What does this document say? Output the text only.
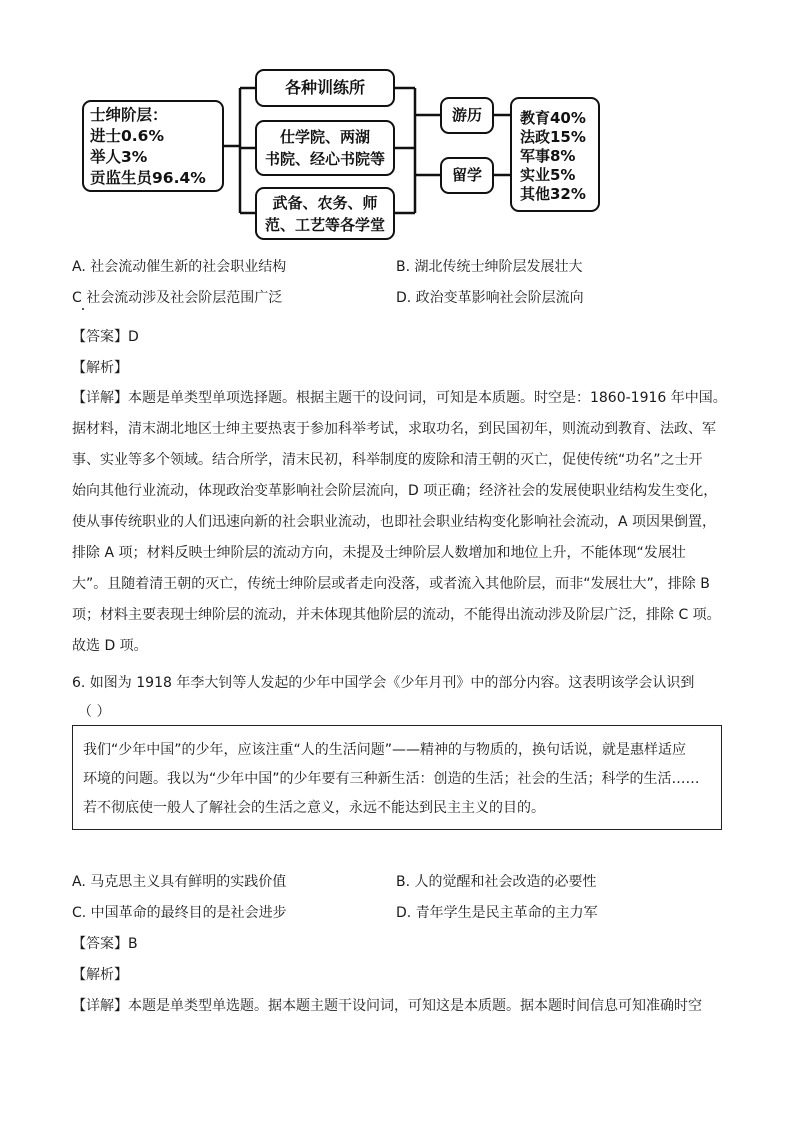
士绅阶层：
进士0.6%
举人3%
贡监生员96.4%
各种训练所
仕学院、两湖
书院、经心书院等
武备、农务、师
范、工艺等各学堂
游历
留学
教育40%
法政15%
军事8%
实业5%
其他32%
A. 社会流动催生新的社会职业结构	B. 湖北传统士绅阶层发展壮大
C 社会流动涉及社会阶层范围广泛	D. 政治变革影响社会阶层流向
【答案】D
【解析】
【详解】本题是单类型单项选择题。根据主题干的设问词，可知是本质题。时空是：1860-1916 年中国。
据材料，清末湖北地区士绅主要热衷于参加科举考试，求取功名，到民国初年，则流动到教育、法政、军
事、实业等多个领域。结合所学，清末民初，科举制度的废除和清王朝的灭亡，促使传统“功名”之士开
始向其他行业流动，体现政治变革影响社会阶层流向，D 项正确；经济社会的发展使职业结构发生变化，
使从事传统职业的人们迅速向新的社会职业流动，也即社会职业结构变化影响社会流动，A 项因果倒置，
排除 A 项；材料反映士绅阶层的流动方向，未提及士绅阶层人数增加和地位上升，不能体现“发展壮
大”。且随着清王朝的灭亡，传统士绅阶层或者走向没落，或者流入其他阶层，而非“发展壮大”，排除 B
项；材料主要表现士绅阶层的流动，并未体现其他阶层的流动，不能得出流动涉及阶层广泛，排除 C 项。
故选 D 项。
6. 如图为 1918 年李大钊等人发起的少年中国学会《少年月刊》中的部分内容。这表明该学会认识到
（ ）
我们“少年中国”的少年，应该注重“人的生活问题”——精神的与物质的，换句话说，就是惠样适应
环境的问题。我以为“少年中国”的少年要有三种新生活：创造的生活；社会的生活；科学的生活……
若不彻底使一般人了解社会的生活之意义，永远不能达到民主主义的目的。
A. 马克思主义具有鲜明的实践价值	B. 人的觉醒和社会改造的必要性
C. 中国革命的最终目的是社会进步	D. 青年学生是民主革命的主力军
【答案】B
【解析】
【详解】本题是单类型单选题。据本题主题干设问词，可知这是本质题。据本题时间信息可知准确时空
